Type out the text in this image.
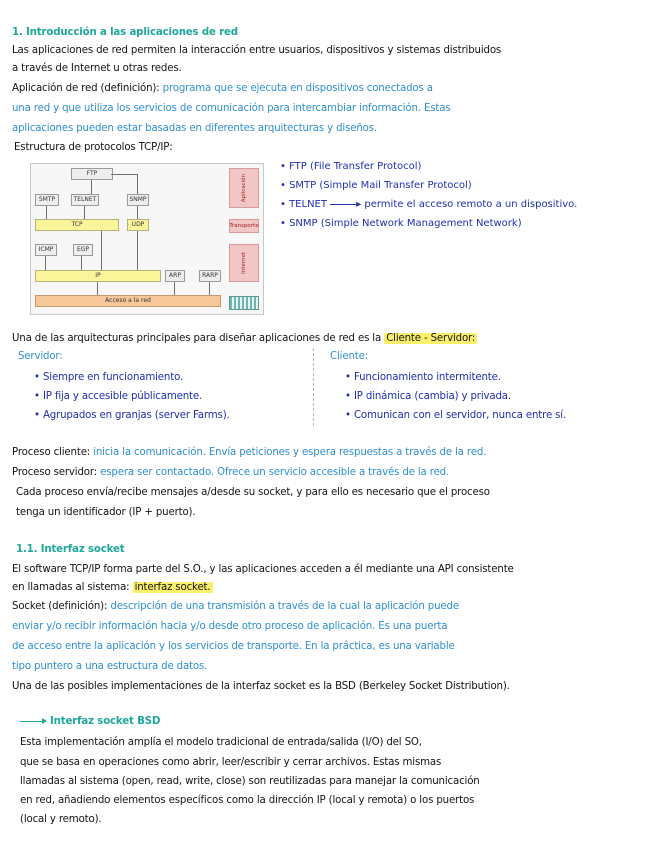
1. Introducción a las aplicaciones de red
Las aplicaciones de red permiten la interacción entre usuarios, dispositivos y sistemas distribuidos
a través de Internet u otras redes.
Aplicación de red (definición): programa que se ejecuta en dispositivos conectados a
una red y que utiliza los servicios de comunicación para intercambiar información. Estas
aplicaciones pueden estar basadas en diferentes arquitecturas y diseños.
Estructura de protocolos TCP/IP:
FTP
SMTP	TELNET	SNMP
TCP	UDP
ICMP	EGP
IP	ARP	RARP
Acceso a la red
Aplicación
Transporte
Internet
• FTP (File Transfer Protocol)
• SMTP (Simple Mail Transfer Protocol)
• TELNET	▸ permite el acceso remoto a un dispositivo.
• SNMP (Simple Network Management Network)
Una de las arquitecturas principales para diseñar aplicaciones de red es la Cliente - Servidor:
Servidor:
• Siempre en funcionamiento.
• IP fija y accesible públicamente.
• Agrupados en granjas (server Farms).
Cliente:
• Funcionamiento intermitente.
• IP dinámica (cambia) y privada.
• Comunican con el servidor, nunca entre sí.
Proceso cliente: inicia la comunicación. Envía peticiones y espera respuestas a través de la red.
Proceso servidor: espera ser contactado. Ofrece un servicio accesible a través de la red.
Cada proceso envía/recibe mensajes a/desde su socket, y para ello es necesario que el proceso
tenga un identificador (IP + puerto).
1.1. Interfaz socket
El software TCP/IP forma parte del S.O., y las aplicaciones acceden a él mediante una API consistente
en llamadas al sistema: interfaz socket.
Socket (definición): descripción de una transmisión a través de la cual la aplicación puede
enviar y/o recibir información hacia y/o desde otro proceso de aplicación. Es una puerta
de acceso entre la aplicación y los servicios de transporte. En la práctica, es una variable
tipo puntero a una estructura de datos.
Una de las posibles implementaciones de la interfaz socket es la BSD (Berkeley Socket Distribution).
Interfaz socket BSD
Esta implementación amplía el modelo tradicional de entrada/salida (I/O) del SO,
que se basa en operaciones como abrir, leer/escribir y cerrar archivos. Estas mismas
llamadas al sistema (open, read, write, close) son reutilizadas para manejar la comunicación
en red, añadiendo elementos específicos como la dirección IP (local y remota) o los puertos
(local y remoto).
